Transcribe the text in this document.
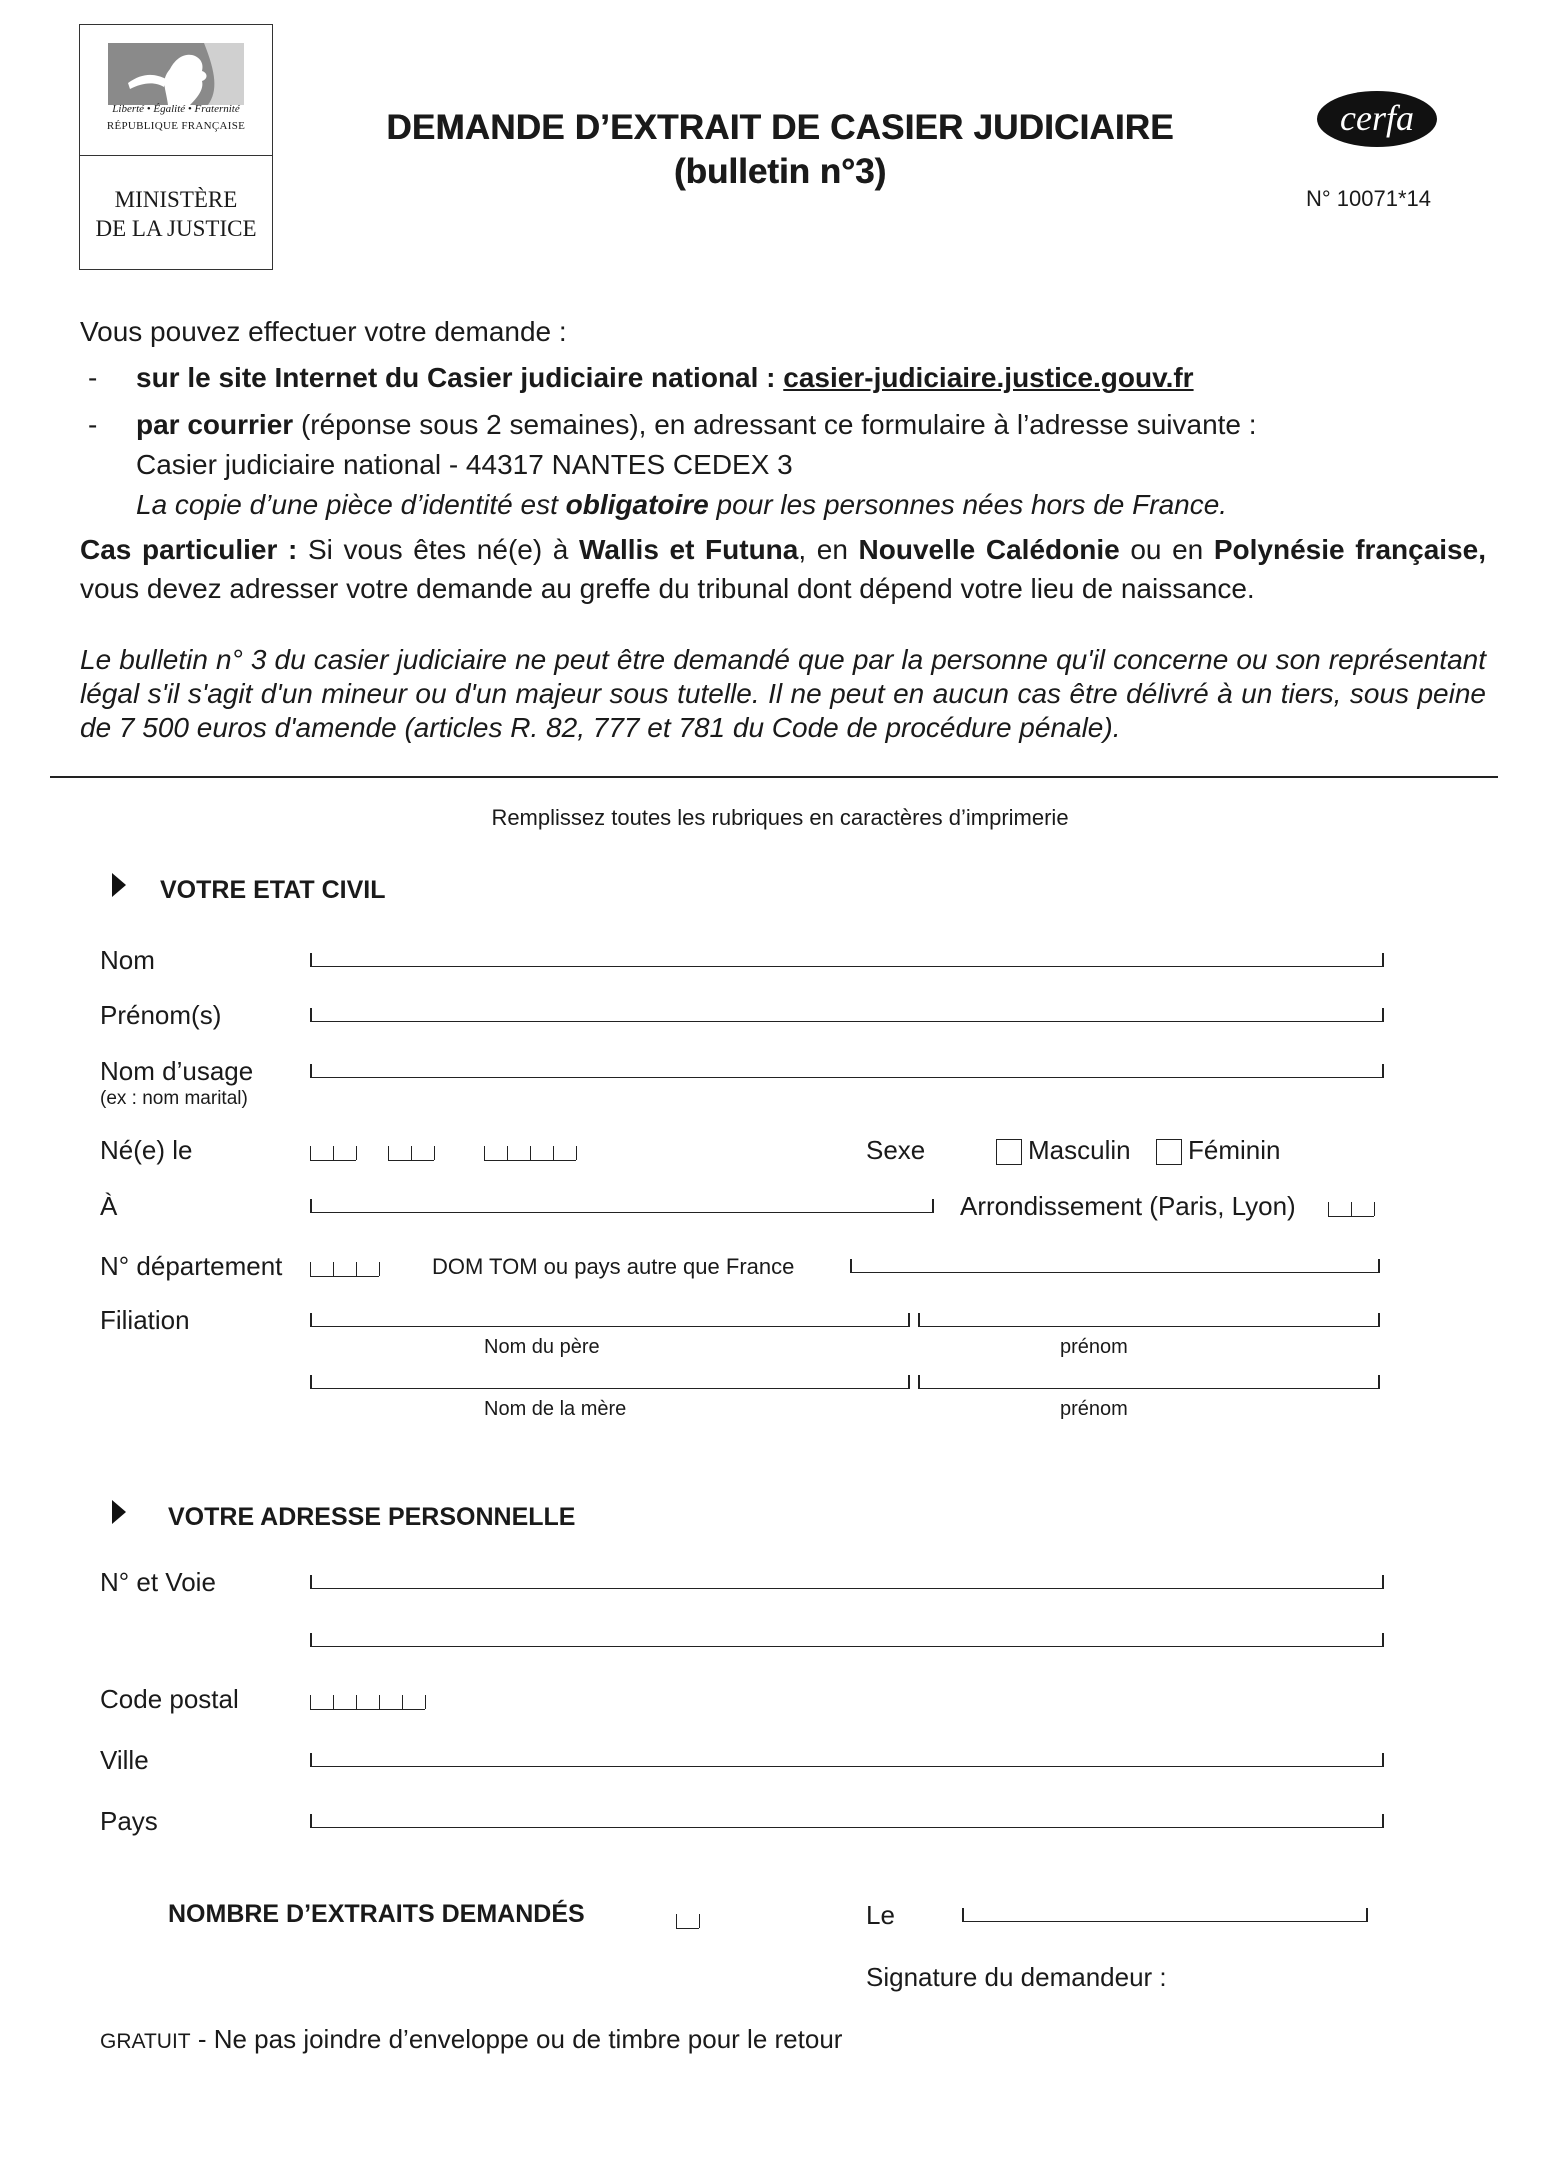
Liberté • Égalité • Fraternité
RÉPUBLIQUE FRANÇAISE
MINISTÈRE
DE LA JUSTICE
DEMANDE D’EXTRAIT DE CASIER JUDICIAIRE
(bulletin n°3)
cerfa
N° 10071*14
Vous pouvez effectuer votre demande :
- sur le site Internet du Casier judiciaire national : casier-judiciaire.justice.gouv.fr
- par courrier (réponse sous 2 semaines), en adressant ce formulaire à l’adresse suivante :
Casier judiciaire national - 44317 NANTES CEDEX 3
La copie d’une pièce d’identité est obligatoire pour les personnes nées hors de France.
Cas particulier : Si vous êtes né(e) à Wallis et Futuna, en Nouvelle Calédonie ou en Polynésie française, vous devez adresser votre demande au greffe du tribunal dont dépend votre lieu de naissance.
Le bulletin n° 3 du casier judiciaire ne peut être demandé que par la personne qu'il concerne ou son représentant légal s'il s'agit d'un mineur ou d'un majeur sous tutelle. Il ne peut en aucun cas être délivré à un tiers, sous peine de 7 500 euros d'amende (articles R. 82, 777 et 781 du Code de procédure pénale).
Remplissez toutes les rubriques en caractères d’imprimerie
VOTRE ETAT CIVIL
Nom
Prénom(s)
Nom d’usage
(ex : nom marital)
Né(e) le	Sexe	Masculin Féminin
À	Arrondissement (Paris, Lyon)
N° département	DOM TOM ou pays autre que France
Filiation
Nom du père	prénom
Nom de la mère	prénom
VOTRE ADRESSE PERSONNELLE
N° et Voie
Code postal
Ville
Pays
NOMBRE D’EXTRAITS DEMANDÉS	Le
Signature du demandeur :
GRATUIT - Ne pas joindre d’enveloppe ou de timbre pour le retour
